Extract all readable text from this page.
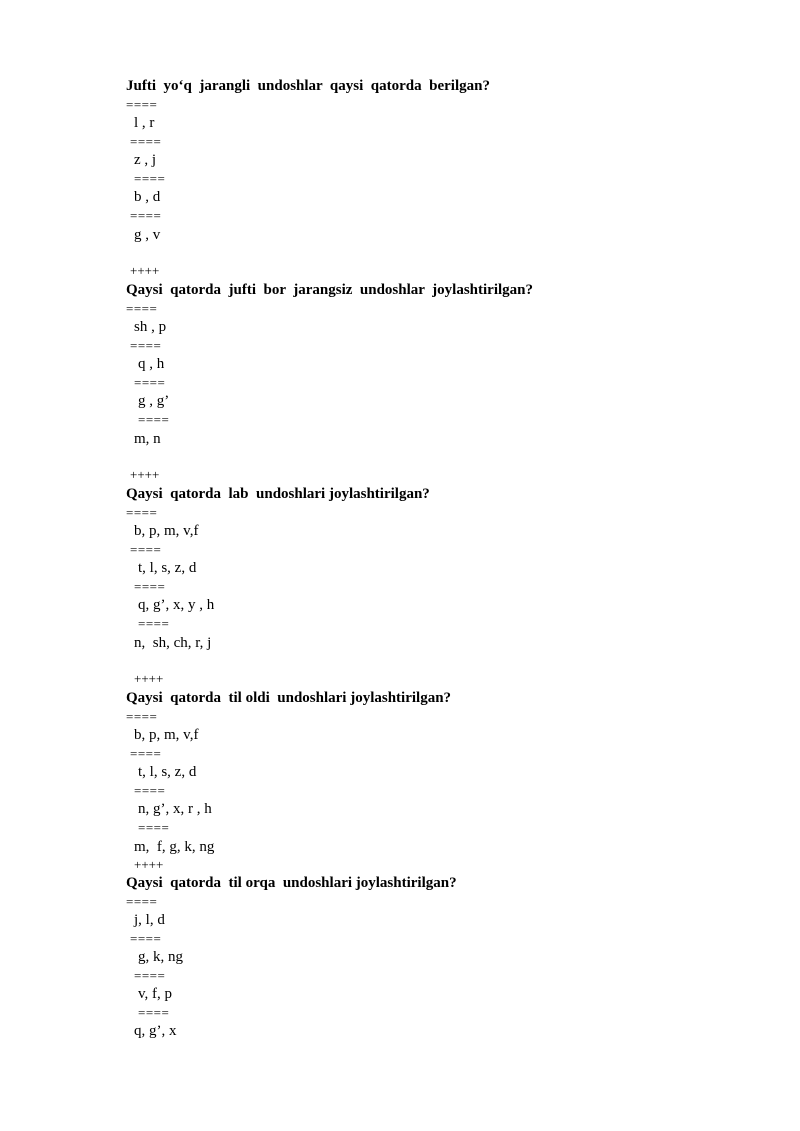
Jufti  yo‘q  jarangli  undoshlar  qaysi  qatorda  berilgan?
====
l , r
====
z , j
====
b , d
====
g , v
++++
Qaysi  qatorda  jufti  bor  jarangsiz  undoshlar  joylashtirilgan?
====
sh , p
====
q , h
====
g , g’
====
m, n
++++
Qaysi  qatorda  lab  undoshlari joylashtirilgan?
====
b, p, m, v,f
====
t, l, s, z, d
====
q, g’, x, y , h
====
n,  sh, ch, r, j
++++
Qaysi  qatorda  til oldi  undoshlari joylashtirilgan?
====
b, p, m, v,f
====
t, l, s, z, d
====
n, g’, x, r , h
====
m,  f, g, k, ng
++++
Qaysi  qatorda  til orqa  undoshlari joylashtirilgan?
====
j, l, d
====
g, k, ng
====
v, f, p
====
q, g’, x
